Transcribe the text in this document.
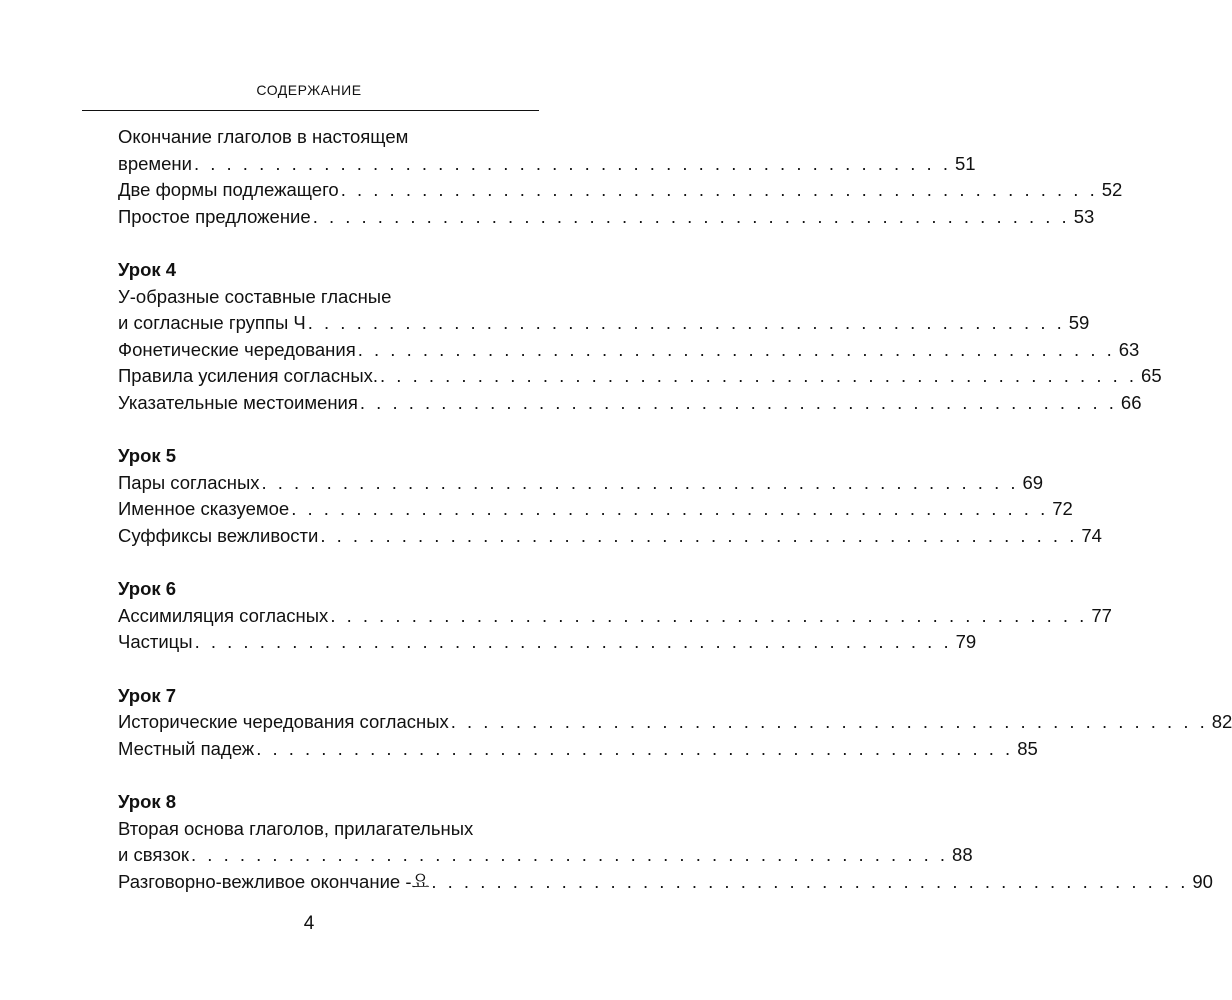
СОДЕРЖАНИЕ
Окончание глаголов в настоящем
времени . . . . . . . . . . . . . . . . . . . . . . . . . . . . . . . . . . . . . . . . . . . . . . . 51
Две формы подлежащего . . . . . . . . . . . . . . . . . . . . . . . . . . . . . . . . . . . . . . . . . . . . . . . 52
Простое предложение . . . . . . . . . . . . . . . . . . . . . . . . . . . . . . . . . . . . . . . . . . . . . . . 53
Урок 4
У-образные составные гласные
и согласные группы Ч . . . . . . . . . . . . . . . . . . . . . . . . . . . . . . . . . . . . . . . . . . . . . . . 59
Фонетические чередования . . . . . . . . . . . . . . . . . . . . . . . . . . . . . . . . . . . . . . . . . . . . . . . 63
Правила усиления согласных. . . . . . . . . . . . . . . . . . . . . . . . . . . . . . . . . . . . . . . . . . . . . . . . 65
Указательные местоимения . . . . . . . . . . . . . . . . . . . . . . . . . . . . . . . . . . . . . . . . . . . . . . . 66
Урок 5
Пары согласных . . . . . . . . . . . . . . . . . . . . . . . . . . . . . . . . . . . . . . . . . . . . . . . 69
Именное сказуемое . . . . . . . . . . . . . . . . . . . . . . . . . . . . . . . . . . . . . . . . . . . . . . . 72
Суффиксы вежливости . . . . . . . . . . . . . . . . . . . . . . . . . . . . . . . . . . . . . . . . . . . . . . . 74
Урок 6
Ассимиляция согласных . . . . . . . . . . . . . . . . . . . . . . . . . . . . . . . . . . . . . . . . . . . . . . . 77
Частицы . . . . . . . . . . . . . . . . . . . . . . . . . . . . . . . . . . . . . . . . . . . . . . . 79
Урок 7
Исторические чередования согласных . . . . . . . . . . . . . . . . . . . . . . . . . . . . . . . . . . . . . . . . . . . . . . . 82
Местный падеж . . . . . . . . . . . . . . . . . . . . . . . . . . . . . . . . . . . . . . . . . . . . . . . 85
Урок 8
Вторая основа глаголов, прилагательных
и связок . . . . . . . . . . . . . . . . . . . . . . . . . . . . . . . . . . . . . . . . . . . . . . . 88
Разговорно-вежливое окончание -요 . . . . . . . . . . . . . . . . . . . . . . . . . . . . . . . . . . . . . . . . . . . . . . . 90
4
